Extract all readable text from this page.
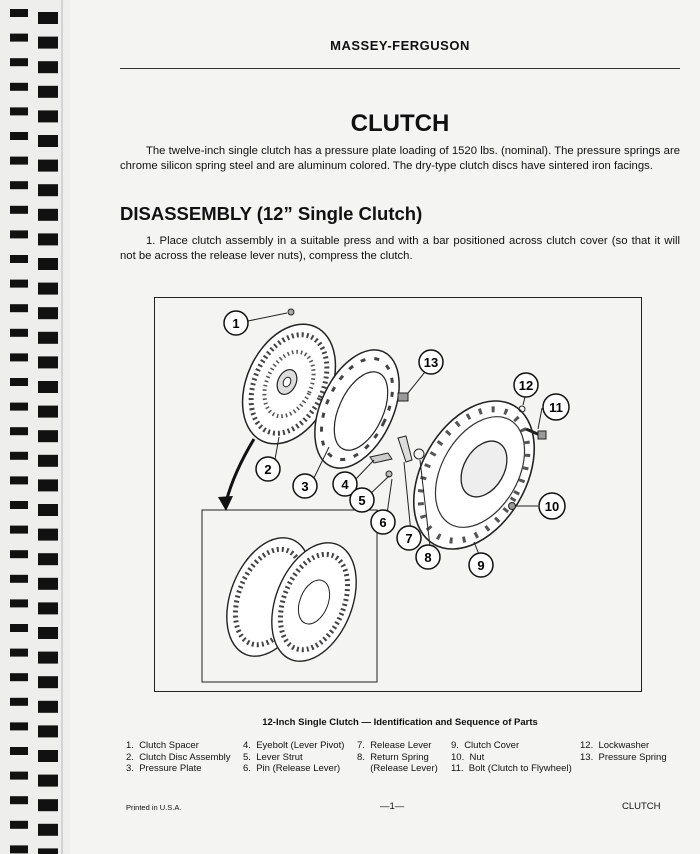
MASSEY-FERGUSON
CLUTCH
The twelve-inch single clutch has a pressure plate loading of 1520 lbs. (nominal). The pressure springs are chrome silicon spring steel and are aluminum colored. The dry-type clutch discs have sintered iron facings.
DISASSEMBLY (12” Single Clutch)
1. Place clutch assembly in a suitable press and with a bar positioned across clutch cover (so that it will not be across the release lever nuts), compress the clutch.
1
2
3	4
5
6
7
8
9
10
11
12
13
12-Inch Single Clutch — Identification and Sequence of Parts
1.  Clutch Spacer
2.  Clutch Disc Assembly
3.  Pressure Plate
4.  Eyebolt (Lever Pivot)
5.  Lever Strut
6.  Pin (Release Lever)
7.  Release Lever
8.  Return Spring
(Release Lever)
9.  Clutch Cover
10.  Nut
11.  Bolt (Clutch to Flywheel)
12.  Lockwasher
13.  Pressure Spring
Printed in U.S.A.	—1—	CLUTCH
